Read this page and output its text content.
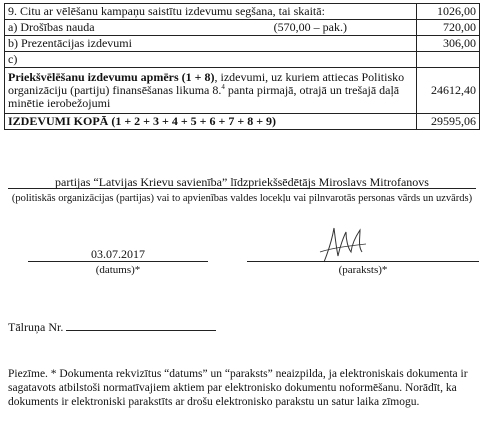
9. Citu ar vēlēšanu kampaņu saistītu izdevumu segšana, tai skaitā:	1026,00
a) Drošības nauda (570,00 – pak.)	720,00
b) Prezentācijas izdevumi	306,00
c)	
Priekšvēlēšanu izdevumu apmērs (1 + 8), izdevumi, uz kuriem attiecas Politisko organizāciju (partiju) finansēšanas likuma 8.$^4$ panta pirmajā, otrajā un trešajā daļā minētie ierobežojumi	24612,40
IZDEVUMI KOPĀ (1 + 2 + 3 + 4 + 5 + 6 + 7 + 8 + 9)	29595,06
partijas “Latvijas Krievu savienība” līdzpriekšsēdētājs Miroslavs Mitrofanovs
(politiskās organizācijas (partijas) vai to apvienības valdes locekļu vai pilnvarotās personas vārds un uzvārds)
03.07.2017
(datums)*	(paraksts)*
Tālruņa Nr.
Piezīme. * Dokumenta rekvizītus “datums” un “paraksts” neaizpilda, ja elektroniskais dokumenta ir sagatavots atbilstoši normatīvajiem aktiem par elektronisko dokumentu noformēšanu. Norādīt, ka dokuments ir elektroniski parakstīts ar drošu elektronisko parakstu un satur laika zīmogu.
